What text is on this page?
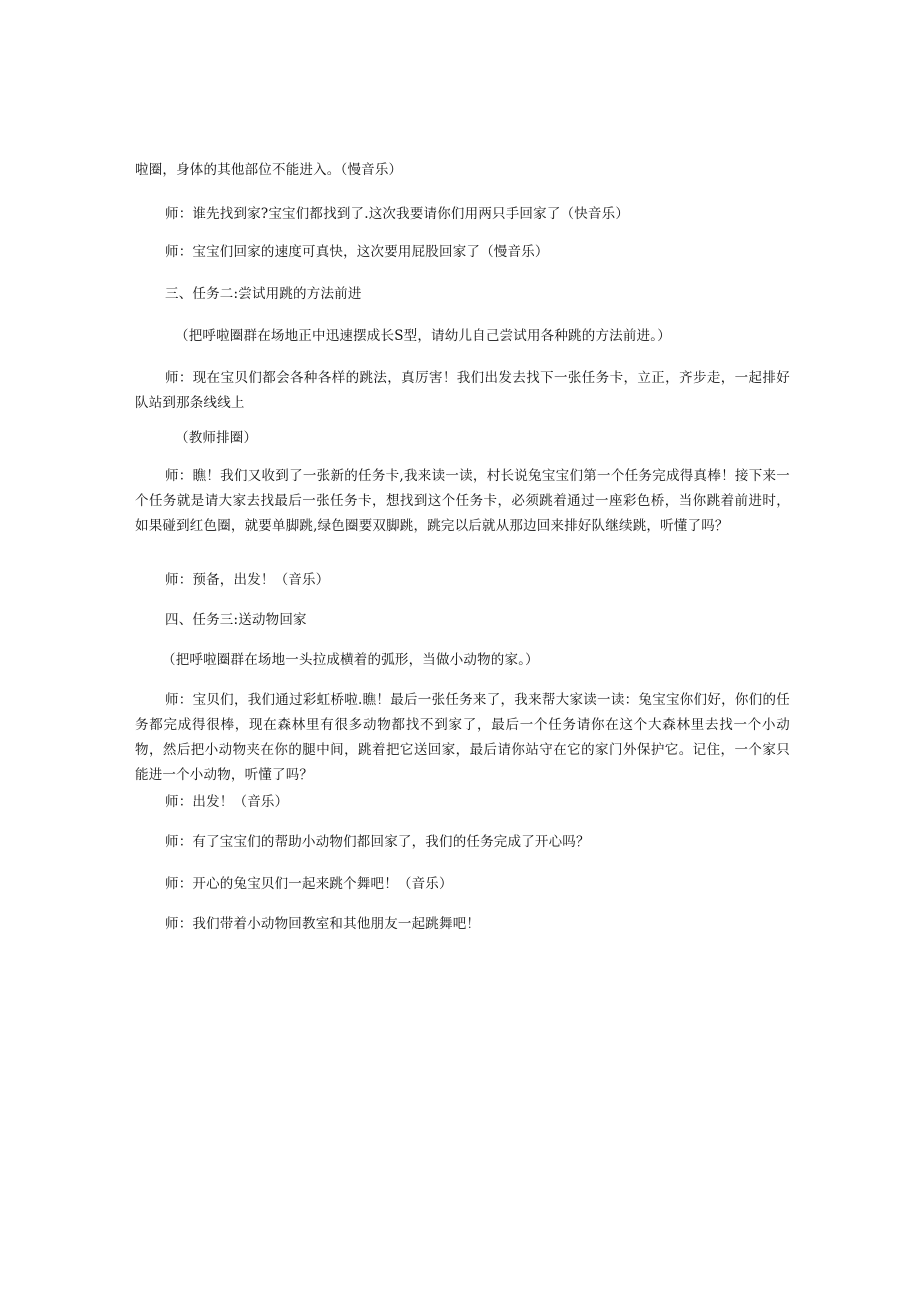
啦圈，身体的其他部位不能进入。（慢音乐）

师：谁先找到家?宝宝们都找到了.这次我要请你们用两只手回家了（快音乐）

师：宝宝们回家的速度可真快，这次要用屁股回家了（慢音乐）

三、任务二:尝试用跳的方法前进

（把呼啦圈群在场地正中迅速摆成长S型，请幼儿自己尝试用各种跳的方法前进。）

师：现在宝贝们都会各种各样的跳法，真厉害！我们出发去找下一张任务卡，立正，齐步走，一起排好队站到那条线线上

（教师排圈）

师：瞧！我们又收到了一张新的任务卡,我来读一读，村长说兔宝宝们第一个任务完成得真棒！接下来一个任务就是请大家去找最后一张任务卡，想找到这个任务卡，必须跳着通过一座彩色桥，当你跳着前进时，如果碰到红色圈，就要单脚跳,绿色圈要双脚跳，跳完以后就从那边回来排好队继续跳，听懂了吗？

师：预备，出发！（音乐）

四、任务三:送动物回家

（把呼啦圈群在场地一头拉成横着的弧形，当做小动物的家。）

师：宝贝们，我们通过彩虹桥啦.瞧！最后一张任务来了，我来帮大家读一读：兔宝宝你们好，你们的任务都完成得很棒，现在森林里有很多动物都找不到家了，最后一个任务请你在这个大森林里去找一个小动物，然后把小动物夹在你的腿中间，跳着把它送回家，最后请你站守在它的家门外保护它。记住，一个家只能进一个小动物，听懂了吗？

师：出发！（音乐）

师：有了宝宝们的帮助小动物们都回家了，我们的任务完成了开心吗？

师：开心的兔宝贝们一起来跳个舞吧！（音乐）

师：我们带着小动物回教室和其他朋友一起跳舞吧！
